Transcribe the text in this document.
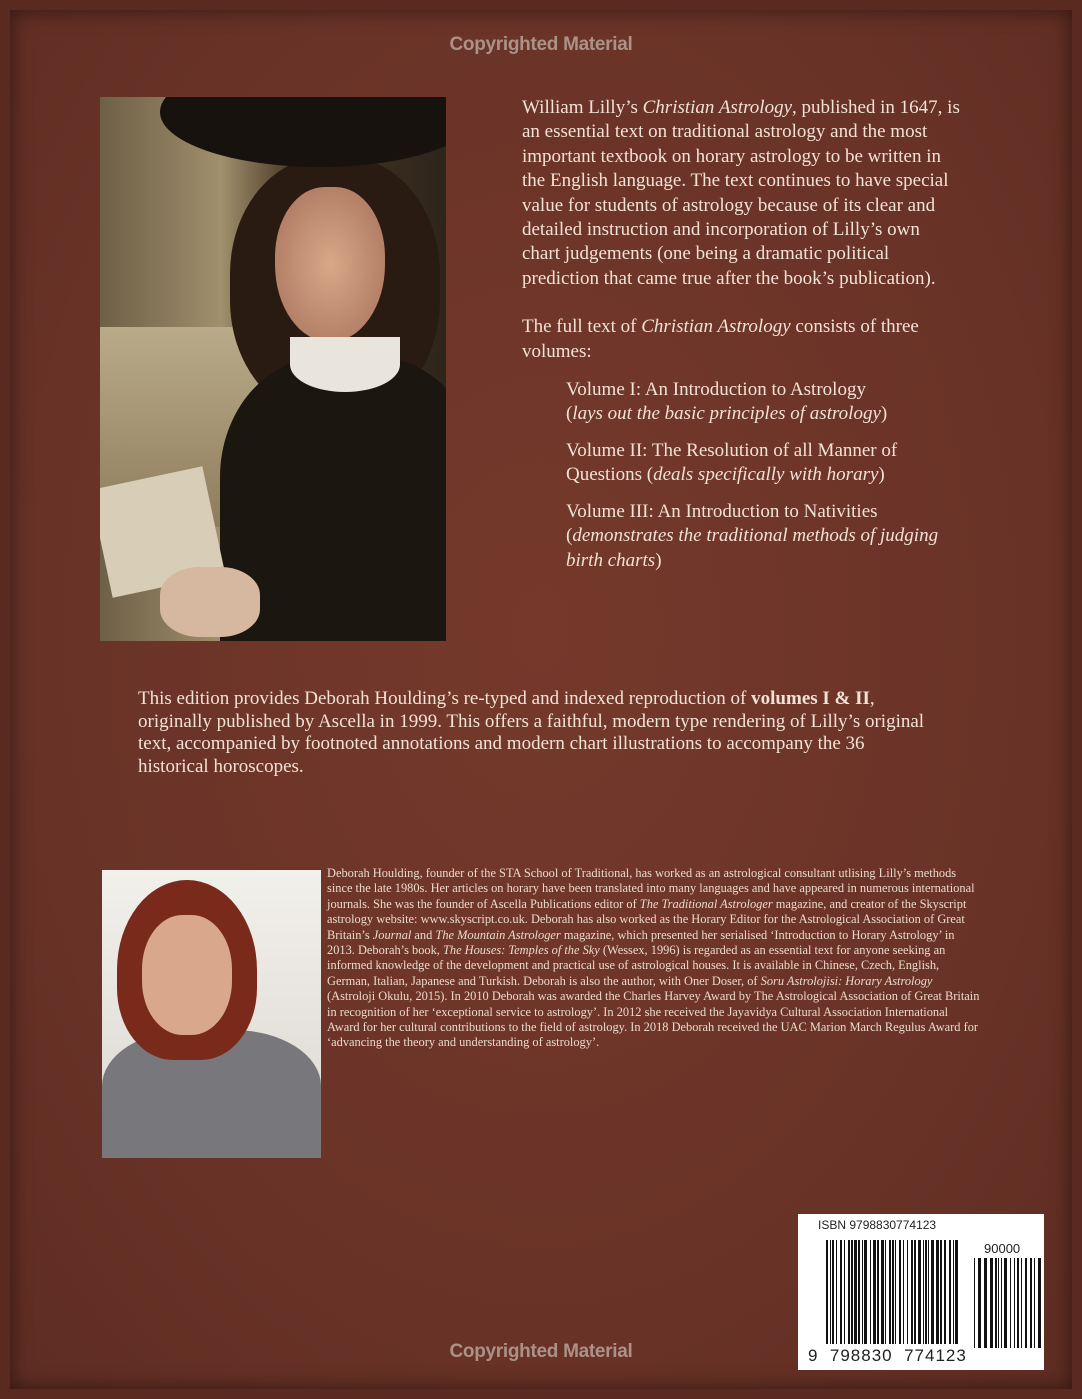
Copyrighted Material

William Lilly’s Christian Astrology, published in 1647, is an essential text on traditional astrology and the most important textbook on horary astrology to be written in the English language. The text continues to have special value for students of astrology because of its clear and detailed instruction and incorporation of Lilly’s own chart judgements (one being a dramatic political prediction that came true after the book’s publication).

The full text of Christian Astrology consists of three volumes:

Volume I: An Introduction to Astrology
(lays out the basic principles of astrology)
Volume II: The Resolution of all Manner of Questions (deals specifically with horary)
Volume III: An Introduction to Nativities (demonstrates the traditional methods of judging birth charts)
This edition provides Deborah Houlding’s re-typed and indexed reproduction of volumes I & II, originally published by Ascella in 1999. This offers a faithful, modern type rendering of Lilly’s original text, accompanied by footnoted annotations and modern chart illustrations to accompany the 36 historical horoscopes.
Deborah Houlding, founder of the STA School of Traditional, has worked as an astrological consultant utlising Lilly’s methods since the late 1980s. Her articles on horary have been translated into many languages and have appeared in numerous international journals. She was the founder of Ascella Publications editor of The Traditional Astrologer magazine, and creator of the Skyscript astrology website: www.skyscript.co.uk. Deborah has also worked as the Horary Editor for the Astrological Association of Great Britain’s Journal and The Mountain Astrologer magazine, which presented her serialised ‘Introduction to Horary Astrology’ in 2013. Deborah’s book, The Houses: Temples of the Sky (Wessex, 1996) is regarded as an essential text for anyone seeking an informed knowledge of the development and practical use of astrological houses. It is available in Chinese, Czech, English, German, Italian, Japanese and Turkish. Deborah is also the author, with Oner Doser, of Soru Astrolojisi: Horary Astrology (Astroloji Okulu, 2015). In 2010 Deborah was awarded the Charles Harvey Award by The Astrological Association of Great Britain in recognition of her ‘exceptional service to astrology’. In 2012 she received the Jayavidya Cultural Association International Award for her cultural contributions to the field of astrology. In 2018 Deborah received the UAC Marion March Regulus Award for ‘advancing the theory and understanding of astrology’.
ISBN 9798830774123
90000
9  798830  774123
Copyrighted Material
